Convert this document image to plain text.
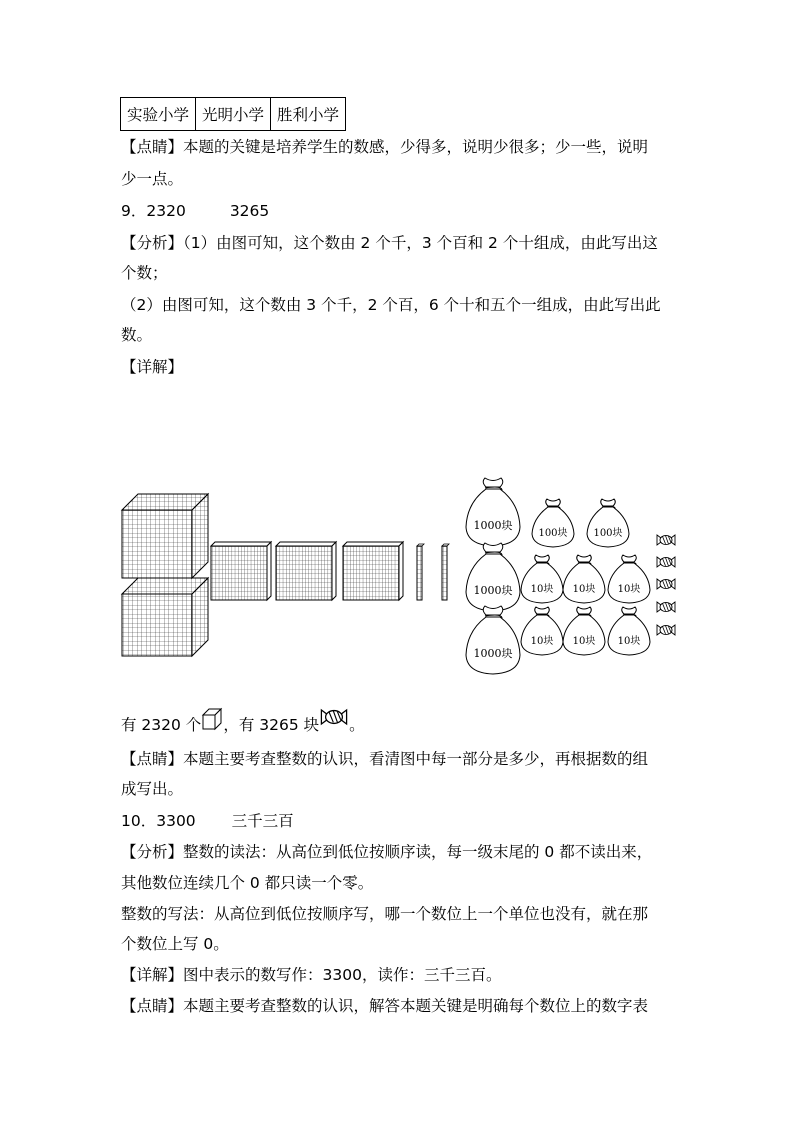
实验小学	光明小学	胜利小学
【点睛】本题的关键是培养学生的数感，少得多，说明少很多；少一些，说明
少一点。
9．2320	3265
【分析】（1）由图可知，这个数由 2 个千，3 个百和 2 个十组成，由此写出这
个数；
（2）由图可知，这个数由 3 个千，2 个百，6 个十和五个一组成，由此写出此
数。
【详解】
1000块
1000块
1000块
100块	100块
10块 10块 10块
10块 10块 10块
有 2320 个 ，有 3265 块 。
【点睛】本题主要考查整数的认识，看清图中每一部分是多少，再根据数的组
成写出。
10．3300 三千三百
【分析】整数的读法：从高位到低位按顺序读，每一级末尾的 0 都不读出来，
其他数位连续几个 0 都只读一个零。
整数的写法：从高位到低位按顺序写，哪一个数位上一个单位也没有，就在那
个数位上写 0。
【详解】图中表示的数写作：3300，读作：三千三百。
【点睛】本题主要考查整数的认识，解答本题关键是明确每个数位上的数字表
